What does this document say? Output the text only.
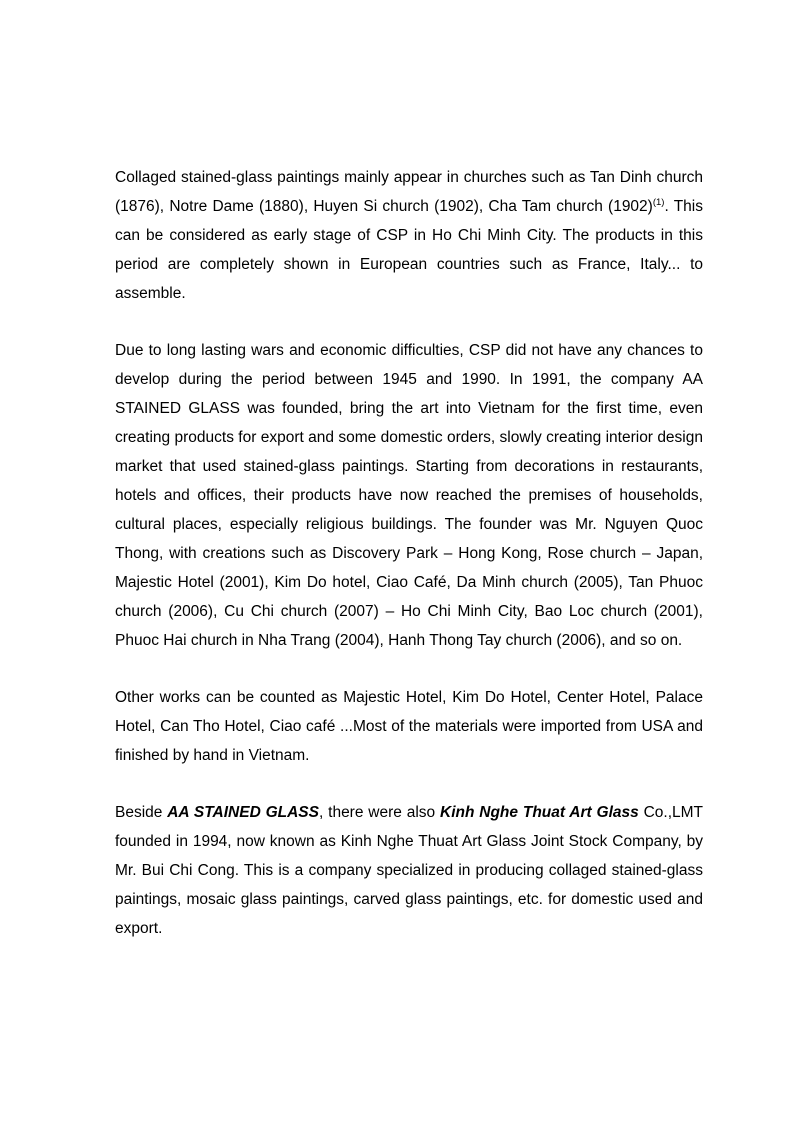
Collaged stained-glass paintings mainly appear in churches such as Tan Dinh church (1876), Notre Dame (1880), Huyen Si church (1902), Cha Tam church (1902)$^{(1)}$. This can be considered as early stage of CSP in Ho Chi Minh City. The products in this period are completely shown in European countries such as France, Italy... to assemble.

Due to long lasting wars and economic difficulties, CSP did not have any chances to develop during the period between 1945 and 1990. In 1991, the company AA STAINED GLASS was founded, bring the art into Vietnam for the first time, even creating products for export and some domestic orders, slowly creating interior design market that used stained-glass paintings. Starting from decorations in restaurants, hotels and offices, their products have now reached the premises of households, cultural places, especially religious buildings. The founder was Mr. Nguyen Quoc Thong, with creations such as Discovery Park – Hong Kong, Rose church – Japan, Majestic Hotel (2001), Kim Do hotel, Ciao Café, Da Minh church (2005), Tan Phuoc church (2006), Cu Chi church (2007) – Ho Chi Minh City, Bao Loc church (2001), Phuoc Hai church in Nha Trang (2004), Hanh Thong Tay church (2006), and so on.

Other works can be counted as Majestic Hotel, Kim Do Hotel, Center Hotel, Palace Hotel, Can Tho Hotel, Ciao café ...Most of the materials were imported from USA and finished by hand in Vietnam.

Beside AA STAINED GLASS, there were also Kinh Nghe Thuat Art Glass Co.,LMT founded in 1994, now known as Kinh Nghe Thuat Art Glass Joint Stock Company, by Mr. Bui Chi Cong. This is a company specialized in producing collaged stained-glass paintings, mosaic glass paintings, carved glass paintings, etc. for domestic used and export.
